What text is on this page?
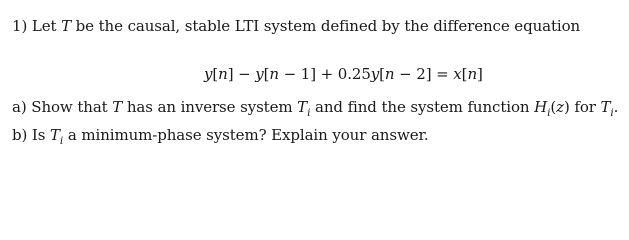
1) Let T be the causal, stable LTI system defined by the difference equation
y[n] − y[n − 1] + 0.25y[n − 2] = x[n]
a) Show that T has an inverse system $T_i$ and find the system function $H_i(z)$ for $T_i$.
b) Is $T_i$ a minimum-phase system? Explain your answer.
